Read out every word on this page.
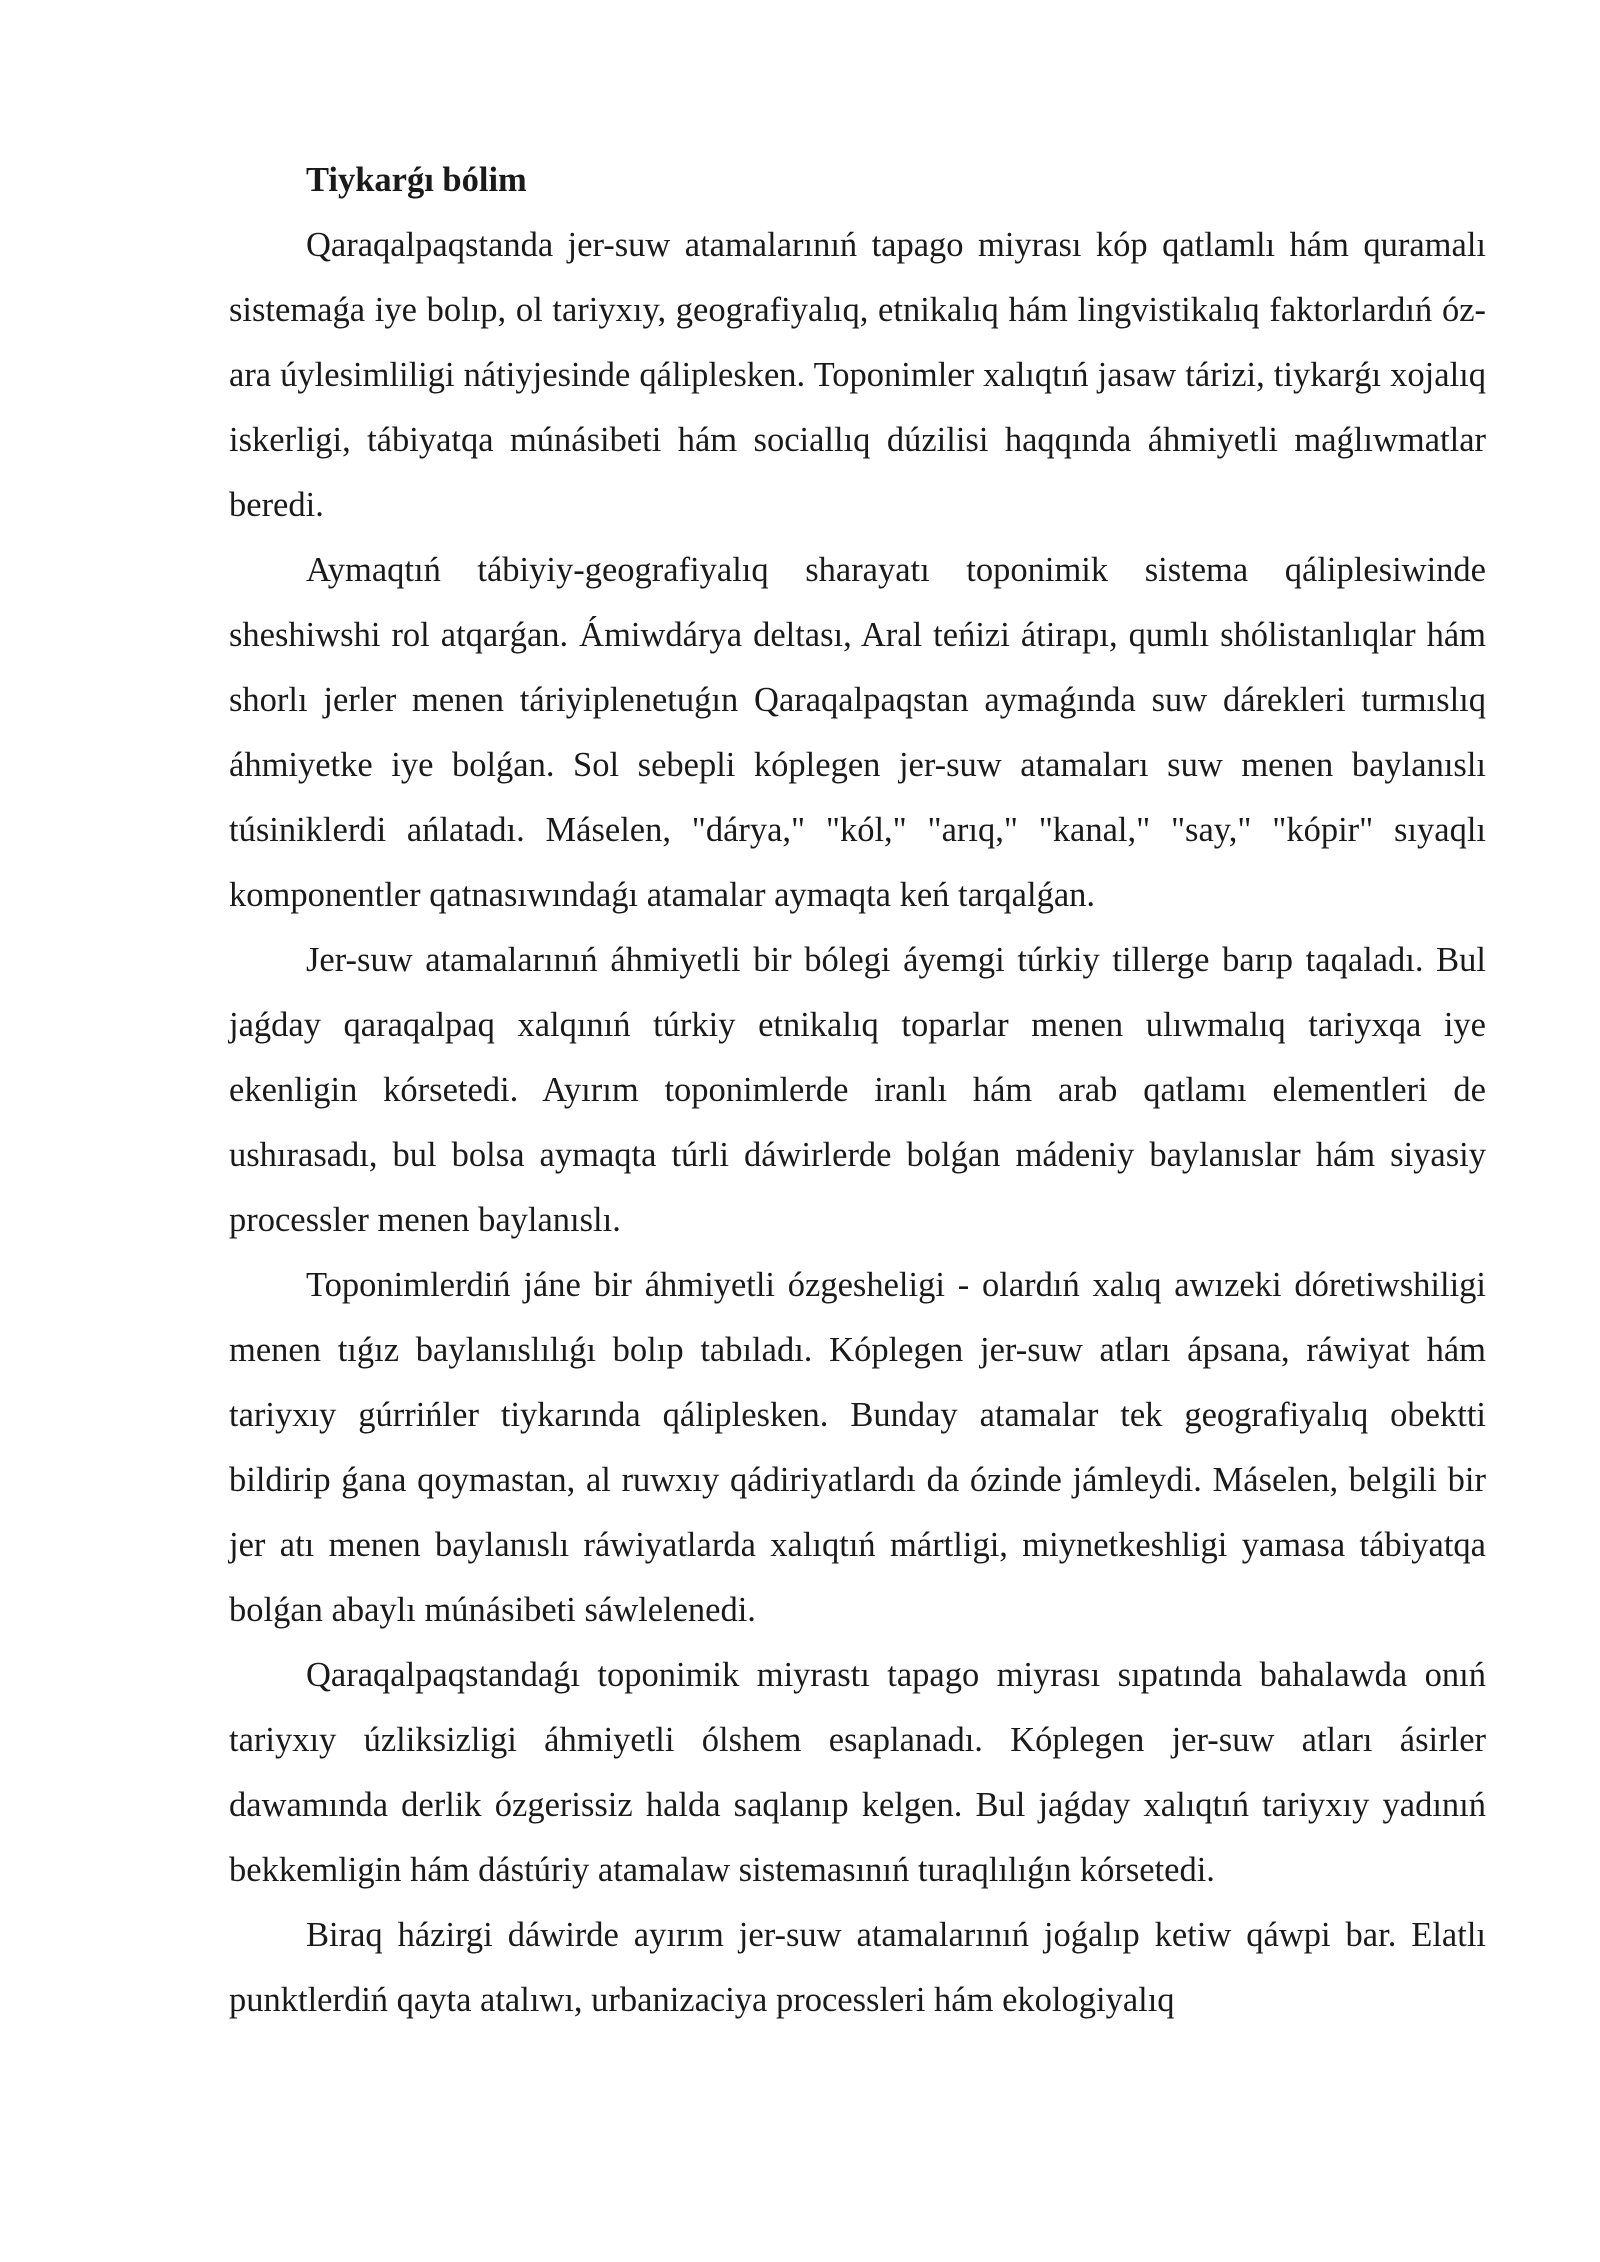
Tiykarǵı bólim

Qaraqalpaqstanda jer-suw atamalarınıń tapago miyrası kóp qatlamlı hám quramalı sistemaǵa iye bolıp, ol tariyxıy, geografiyalıq, etnikalıq hám lingvistikalıq faktorlardıń óz-ara úylesimliligi nátiyjesinde qálipleskеn. Toponimler xalıqtıń jasaw tárizi, tiykarǵı xojalıq iskerligi, tábiyatqa múnásibeti hám sociallıq dúzilisi haqqında áhmiyetli maǵlıwmatlar beredi.

Aymaqtıń tábiyiy-geografiyalıq sharayatı toponimik sistema qáliplesiwinde sheshiwshi rol atqarǵan. Ámiwdárya deltası, Aral teńizi átirapı, qumlı shólistanlıqlar hám shorlı jerler menen táriyiplenetuǵın Qaraqalpaqstan aymaǵında suw dárekleri turmıslıq áhmiyetke iye bolǵan. Sol sebepli kóplegen jer-suw atamaları suw menen baylanıslı túsiniklerdi ańlatadı. Máselen, "dárya," "kól," "arıq," "kanal," "say," "kópir" sıyaqlı komponentler qatnasıwındaǵı atamalar aymaqta keń tarqalǵan.

Jer-suw atamalarınıń áhmiyetli bir bólegi áyemgi túrkiy tillerge barıp taqaladı. Bul jaǵday qaraqalpaq xalqınıń túrkiy etnikalıq toparlar menen ulıwmalıq tariyxqa iye ekenligin kórsetedi. Ayırım toponimlerde iranlı hám arab qatlamı elementleri de ushırasadı, bul bolsa aymaqta túrli dáwirlerde bolǵan mádeniy baylanıslar hám siyasiy processler menen baylanıslı.

Toponimlerdiń jáne bir áhmiyetli ózgesheligi - olardıń xalıq awızeki dóretiwshiligi menen tıǵız baylanıslılıǵı bolıp tabıladı. Kóplegen jer-suw atları ápsana, ráwiyat hám tariyxıy gúrrińler tiykarında qáliplesken. Bunday atamalar tek geografiyalıq obektti bildirip ǵana qoymastan, al ruwxıy qádiriyatlardı da ózinde jámleydi. Máselen, belgili bir jer atı menen baylanıslı ráwiyatlarda xalıqtıń mártligi, miynetkeshligi yamasa tábiyatqa bolǵan abaylı múnásibeti sáwlelenedi.

Qaraqalpaqstandaǵı toponimik miyrastı tapago miyrası sıpatında bahalawda onıń tariyxıy úzliksizligi áhmiyetli ólshem esaplanadı. Kóplegen jer-suw atları ásirler dawamında derlik ózgerissiz halda saqlanıp kelgen. Bul jaǵday xalıqtıń tariyxıy yadınıń bekkemligin hám dástúriy atamalaw sistemasınıń turaqlılıǵın kórsetedi.

Biraq házirgi dáwirde ayırım jer-suw atamalarınıń joǵalıp ketiw qáwpi bar. Elatlı punktlerdiń qayta atalıwı, urbanizaciya processleri hám ekologiyalıq
